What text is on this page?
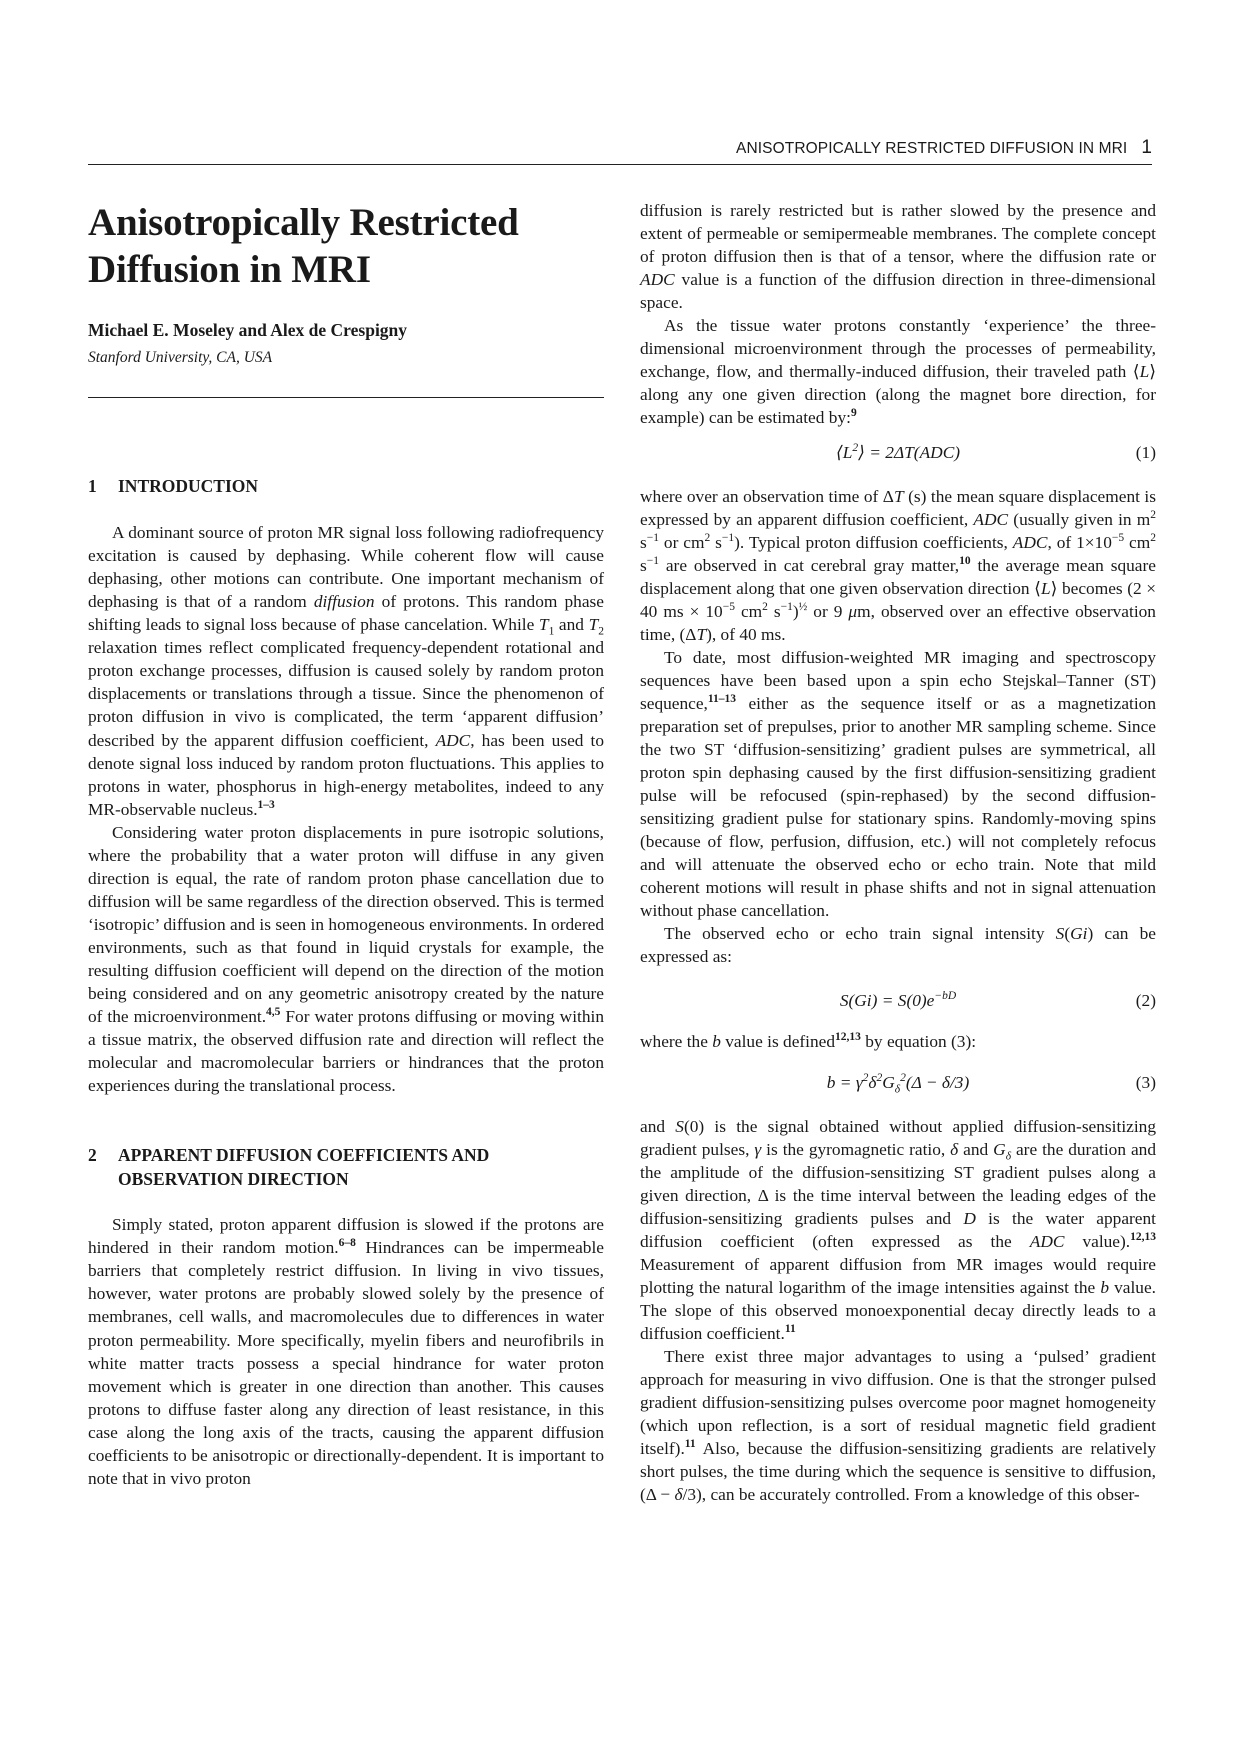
ANISOTROPICALLY RESTRICTED DIFFUSION IN MRI 1
Anisotropically Restricted
Diffusion in MRI
Michael E. Moseley and Alex de Crespigny
Stanford University, CA, USA
1 INTRODUCTION

A dominant source of proton MR signal loss following radiofrequency excitation is caused by dephasing. While coherent flow will cause dephasing, other motions can contribute. One important mechanism of dephasing is that of a random diffusion of protons. This random phase shifting leads to signal loss because of phase cancelation. While $T_1$ and $T_2$ relaxation times reflect complicated frequency-dependent rotational and proton exchange processes, diffusion is caused solely by random proton displacements or translations through a tissue. Since the phenomenon of proton diffusion in vivo is complicated, the term ‘apparent diffusion’ described by the apparent diffusion coefficient, ADC, has been used to denote signal loss induced by random proton fluctuations. This applies to protons in water, phosphorus in high-energy metabolites, indeed to any MR-observable nucleus.$^{1-3}$

Considering water proton displacements in pure isotropic solutions, where the probability that a water proton will diffuse in any given direction is equal, the rate of random proton phase cancellation due to diffusion will be same regardless of the direction observed. This is termed ‘isotropic’ diffusion and is seen in homogeneous environments. In ordered environments, such as that found in liquid crystals for example, the resulting diffusion coefficient will depend on the direction of the motion being considered and on any geometric anisotropy created by the nature of the microenvironment.$^{4,5}$ For water protons diffusing or moving within a tissue matrix, the observed diffusion rate and direction will reflect the molecular and macromolecular barriers or hindrances that the proton experiences during the translational process.

2	APPARENT DIFFUSION COEFFICIENTS AND
OBSERVATION DIRECTION

Simply stated, proton apparent diffusion is slowed if the protons are hindered in their random motion.$^{6-8}$ Hindrances can be impermeable barriers that completely restrict diffusion. In living in vivo tissues, however, water protons are probably slowed solely by the presence of membranes, cell walls, and macromolecules due to differences in water proton permeability. More specifically, myelin fibers and neurofibrils in white matter tracts possess a special hindrance for water proton movement which is greater in one direction than another. This causes protons to diffuse faster along any direction of least resistance, in this case along the long axis of the tracts, causing the apparent diffusion coefficients to be anisotropic or directionally-dependent. It is important to note that in vivo proton

diffusion is rarely restricted but is rather slowed by the presence and extent of permeable or semipermeable membranes. The complete concept of proton diffusion then is that of a tensor, where the diffusion rate or ADC value is a function of the diffusion direction in three-dimensional space.

As the tissue water protons constantly ‘experience’ the three-dimensional microenvironment through the processes of permeability, exchange, flow, and thermally-induced diffusion, their traveled path ⟨L⟩ along any one given direction (along the magnet bore direction, for example) can be estimated by:$^9$

$⟨L^2⟩ = 2\Delta T(ADC)$	(1)

where over an observation time of ΔT (s) the mean square displacement is expressed by an apparent diffusion coefficient, ADC (usually given in $m^2$ $s^{-1}$ or $cm^2$ $s^{-1}$). Typical proton diffusion coefficients, ADC, of $1\times 10^{-5}$ $cm^2$ $s^{-1}$ are observed in cat cerebral gray matter,$^{10}$ the average mean square displacement along that one given observation direction ⟨L⟩ becomes (2 × 40 ms × $10^{-5}$ $cm^2$ $s^{-1})^{\frac{1}{2}}$ or 9 μm, observed over an effective observation time, (ΔT), of 40 ms.

To date, most diffusion-weighted MR imaging and spectroscopy sequences have been based upon a spin echo Stejskal–Tanner (ST) sequence,$^{11-13}$ either as the sequence itself or as a magnetization preparation set of prepulses, prior to another MR sampling scheme. Since the two ST ‘diffusion-sensitizing’ gradient pulses are symmetrical, all proton spin dephasing caused by the first diffusion-sensitizing gradient pulse will be refocused (spin-rephased) by the second diffusion-sensitizing gradient pulse for stationary spins. Randomly-moving spins (because of flow, perfusion, diffusion, etc.) will not completely refocus and will attenuate the observed echo or echo train. Note that mild coherent motions will result in phase shifts and not in signal attenuation without phase cancellation.

The observed echo or echo train signal intensity S(Gi) can be expressed as:

$S(Gi) = S(0)e^{-bD}$	(2)

where the b value is defined$^{12,13}$ by equation (3):

$b = \gamma^2\delta^2G_\delta^2(\Delta - \delta/3)$	(3)

and S(0) is the signal obtained without applied diffusion-sensitizing gradient pulses, γ is the gyromagnetic ratio, δ and $G_\delta$ are the duration and the amplitude of the diffusion-sensitizing ST gradient pulses along a given direction, Δ is the time interval between the leading edges of the diffusion-sensitizing gradients pulses and D is the water apparent diffusion coefficient (often expressed as the ADC value).$^{12,13}$ Measurement of apparent diffusion from MR images would require plotting the natural logarithm of the image intensities against the b value. The slope of this observed monoexponential decay directly leads to a diffusion coefficient.$^{11}$

There exist three major advantages to using a ‘pulsed’ gradient approach for measuring in vivo diffusion. One is that the stronger pulsed gradient diffusion-sensitizing pulses overcome poor magnet homogeneity (which upon reflection, is a sort of residual magnetic field gradient itself).$^{11}$ Also, because the diffusion-sensitizing gradients are relatively short pulses, the time during which the sequence is sensitive to diffusion, (Δ − δ/3), can be accurately controlled. From a knowledge of this obser-
